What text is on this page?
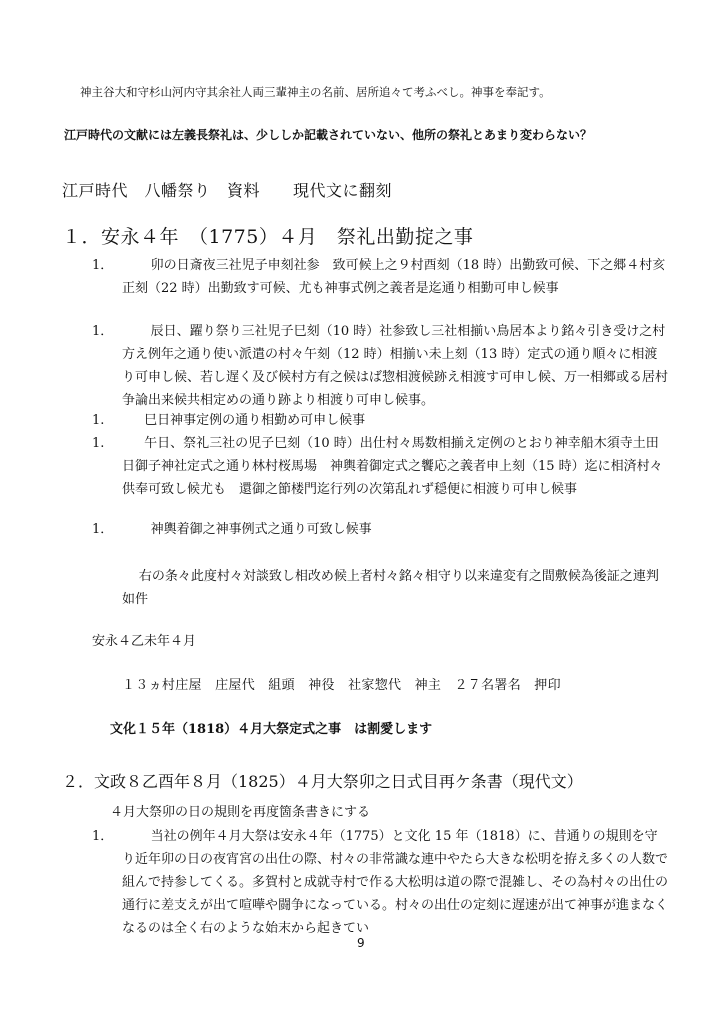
神主谷大和守杉山河内守其余社人両三輩神主の名前、居所追々て考ふべし。神事を奉記す。
江戸時代の文献には左義長祭礼は、少ししか記載されていない、他所の祭礼とあまり変わらない？
江戸時代　八幡祭り　資料　　現代文に翻刻
１．安永４年　（1775）４月　祭礼出勤掟之事
1．	卯の日斎夜三社児子申刻社参　致可候上之９村酉刻（18 時）出勤致可候、下之郷４村亥正刻（22 時）出勤致す可候、尤も神事式例之義者是迄通り相勤可申し候事
1．	辰日、躍り祭り三社児子巳刻（10 時）社参致し三社相揃い鳥居本より銘々引き受け之村方え例年之通り使い派遣の村々午刻（12 時）相揃い未上刻（13 時）定式の通り順々に相渡り可申し候、若し遅く及び候村方有之候はば惣相渡候跡え相渡す可申し候、万一相郷或る居村争論出来候共相定めの通り跡より相渡り可申し候事。
1.	巳日神事定例の通り相勤め可申し候事
1.	午日、祭礼三社の児子巳刻（10 時）出仕村々馬数相揃え定例のとおり神幸船木須寺土田日御子神社定式之通り林村桜馬場　神輿着御定式之饗応之義者申上刻（15 時）迄に相済村々　供奉可致し候尤も　還御之節楼門迄行列の次第乱れず穏便に相渡り可申し候事
1．	神輿着御之神事例式之通り可致し候事
右の条々此度村々対談致し相改め候上者村々銘々相守り以来違変有之間敷候為後証之連判如件
安永４乙未年４月
１３ヵ村庄屋　庄屋代　組頭　神役　社家惣代　神主　２７名署名　押印
文化１５年（1818）４月大祭定式之事　は割愛します
２．文政８乙酉年８月（1825）４月大祭卯之日式目再ケ条書（現代文）
４月大祭卯の日の規則を再度箇条書きにする
1．	当社の例年４月大祭は安永４年（1775）と文化 15 年（1818）に、昔通りの規則を守り近年卯の日の夜宵宮の出仕の際、村々の非常識な連中やたら大きな松明を拵え多くの人数で組んで持参してくる。多賀村と成就寺村で作る大松明は道の際で混雑し、その為村々の出仕の通行に差支えが出て喧嘩や闘争になっている。村々の出仕の定刻に遅速が出て神事が進まなくなるのは全く右のような始末から起きてい
9
